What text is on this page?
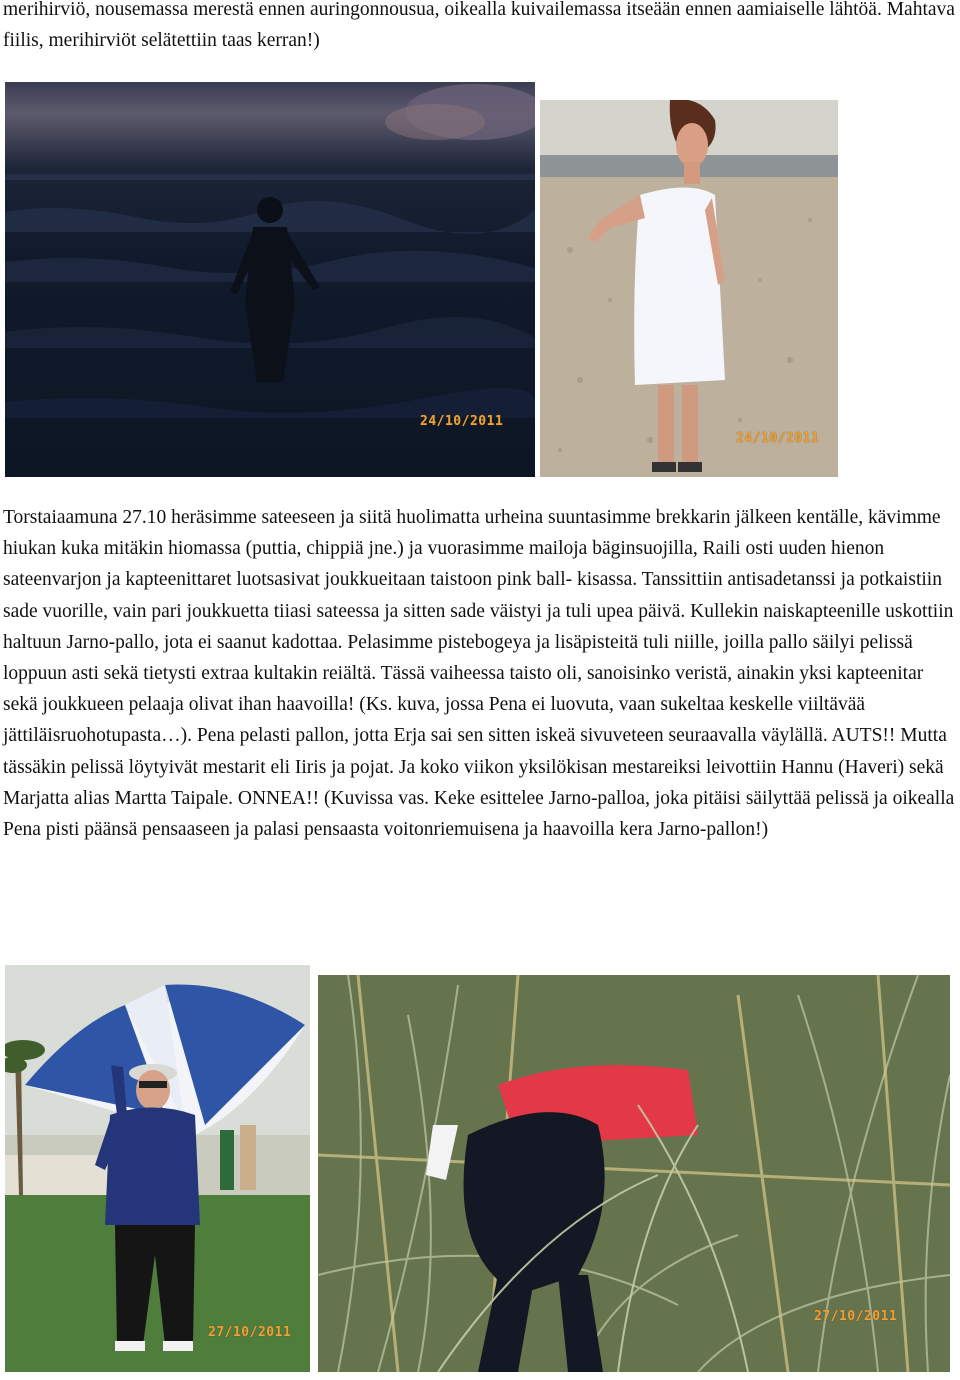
merihirviö, nousemassa merestä ennen auringonnousua, oikealla kuivailemassa itseään ennen aamiaiselle lähtöä. Mahtava fiilis, merihirviöt selätettiin taas kerran!)

24/10/2011
24/10/2011

Torstaiaamuna 27.10 heräsimme sateeseen ja siitä huolimatta urheina suuntasimme brekkarin jälkeen kentälle, kävimme hiukan kuka mitäkin hiomassa (puttia, chippiä jne.) ja vuorasimme mailoja bäginsuojilla, Raili osti uuden hienon sateenvarjon ja kapteenittaret luotsasivat joukkueitaan taistoon pink ball- kisassa. Tanssittiin antisadetanssi ja potkaistiin sade vuorille, vain pari joukkuetta tiiasi sateessa ja sitten sade väistyi ja tuli upea päivä. Kullekin naiskapteenille uskottiin haltuun Jarno-pallo, jota ei saanut kadottaa. Pelasimme pistebogeya ja lisäpisteitä tuli niille, joilla pallo säilyi pelissä loppuun asti sekä tietysti extraa kultakin reiältä. Tässä vaiheessa taisto oli, sanoisinko veristä, ainakin yksi kapteenitar sekä joukkueen pelaaja olivat ihan haavoilla! (Ks. kuva, jossa Pena ei luovuta, vaan sukeltaa keskelle viiltävää jättiläisruohotupasta…). Pena pelasti pallon, jotta Erja sai sen sitten iskeä sivuveteen seuraavalla väylällä. AUTS!! Mutta tässäkin pelissä löytyivät mestarit eli Iiris ja pojat. Ja koko viikon yksilökisan mestareiksi leivottiin Hannu (Haveri) sekä Marjatta alias Martta Taipale. ONNEA!! (Kuvissa vas. Keke esittelee Jarno-palloa, joka pitäisi säilyttää pelissä ja oikealla Pena pisti päänsä pensaaseen ja palasi pensaasta voitonriemuisena ja haavoilla kera Jarno-pallon!)

27/10/2011
27/10/2011
